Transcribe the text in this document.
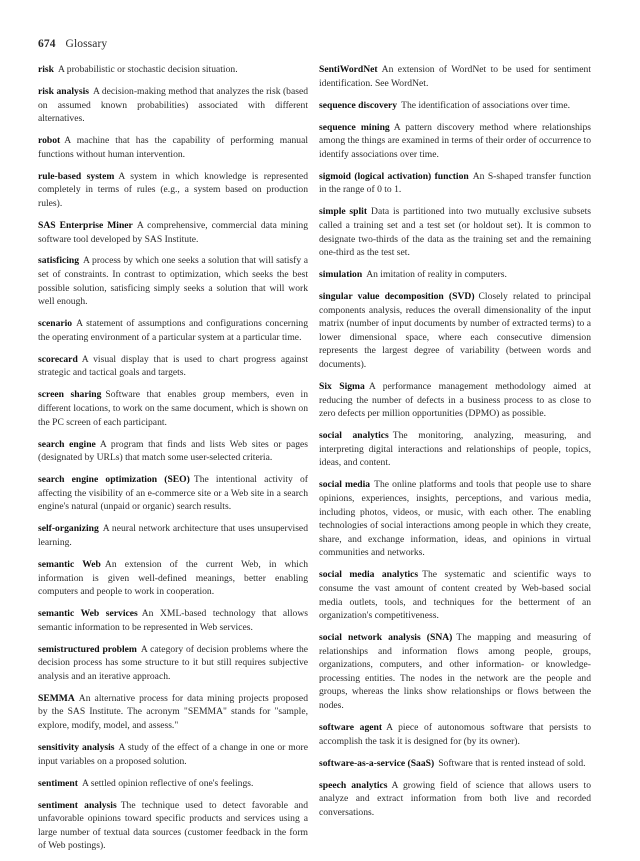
674 Glossary

risk A probabilistic or stochastic decision situation.

risk analysis A decision-making method that analyzes the risk (based on assumed known probabilities) associated with different alternatives.

robot A machine that has the capability of performing manual functions without human intervention.

rule-based system A system in which knowledge is represented completely in terms of rules (e.g., a system based on production rules).

SAS Enterprise Miner A comprehensive, commercial data mining software tool developed by SAS Institute.

satisficing A process by which one seeks a solution that will satisfy a set of constraints. In contrast to optimization, which seeks the best possible solution, satisficing simply seeks a solution that will work well enough.

scenario A statement of assumptions and configurations concerning the operating environment of a particular system at a particular time.

scorecard A visual display that is used to chart progress against strategic and tactical goals and targets.

screen sharing Software that enables group members, even in different locations, to work on the same document, which is shown on the PC screen of each participant.

search engine A program that finds and lists Web sites or pages (designated by URLs) that match some user-selected criteria.

search engine optimization (SEO) The intentional activity of affecting the visibility of an e-commerce site or a Web site in a search engine's natural (unpaid or organic) search results.

self-organizing A neural network architecture that uses unsupervised learning.

semantic Web An extension of the current Web, in which information is given well-defined meanings, better enabling computers and people to work in cooperation.

semantic Web services An XML-based technology that allows semantic information to be represented in Web services.

semistructured problem A category of decision problems where the decision process has some structure to it but still requires subjective analysis and an iterative approach.

SEMMA An alternative process for data mining projects proposed by the SAS Institute. The acronym "SEMMA" stands for "sample, explore, modify, model, and assess."

sensitivity analysis A study of the effect of a change in one or more input variables on a proposed solution.

sentiment A settled opinion reflective of one's feelings.

sentiment analysis The technique used to detect favorable and unfavorable opinions toward specific products and services using a large number of textual data sources (customer feedback in the form of Web postings).

SentiWordNet An extension of WordNet to be used for sentiment identification. See WordNet.

sequence discovery The identification of associations over time.

sequence mining A pattern discovery method where relationships among the things are examined in terms of their order of occurrence to identify associations over time.

sigmoid (logical activation) function An S-shaped transfer function in the range of 0 to 1.

simple split Data is partitioned into two mutually exclusive subsets called a training set and a test set (or holdout set). It is common to designate two-thirds of the data as the training set and the remaining one-third as the test set.

simulation An imitation of reality in computers.

singular value decomposition (SVD) Closely related to principal components analysis, reduces the overall dimensionality of the input matrix (number of input documents by number of extracted terms) to a lower dimensional space, where each consecutive dimension represents the largest degree of variability (between words and documents).

Six Sigma A performance management methodology aimed at reducing the number of defects in a business process to as close to zero defects per million opportunities (DPMO) as possible.

social analytics The monitoring, analyzing, measuring, and interpreting digital interactions and relationships of people, topics, ideas, and content.

social media The online platforms and tools that people use to share opinions, experiences, insights, perceptions, and various media, including photos, videos, or music, with each other. The enabling technologies of social interactions among people in which they create, share, and exchange information, ideas, and opinions in virtual communities and networks.

social media analytics The systematic and scientific ways to consume the vast amount of content created by Web-based social media outlets, tools, and techniques for the betterment of an organization's competitiveness.

social network analysis (SNA) The mapping and measuring of relationships and information flows among people, groups, organizations, computers, and other information- or knowledge-processing entities. The nodes in the network are the people and groups, whereas the links show relationships or flows between the nodes.

software agent A piece of autonomous software that persists to accomplish the task it is designed for (by its owner).

software-as-a-service (SaaS) Software that is rented instead of sold.

speech analytics A growing field of science that allows users to analyze and extract information from both live and recorded conversations.
